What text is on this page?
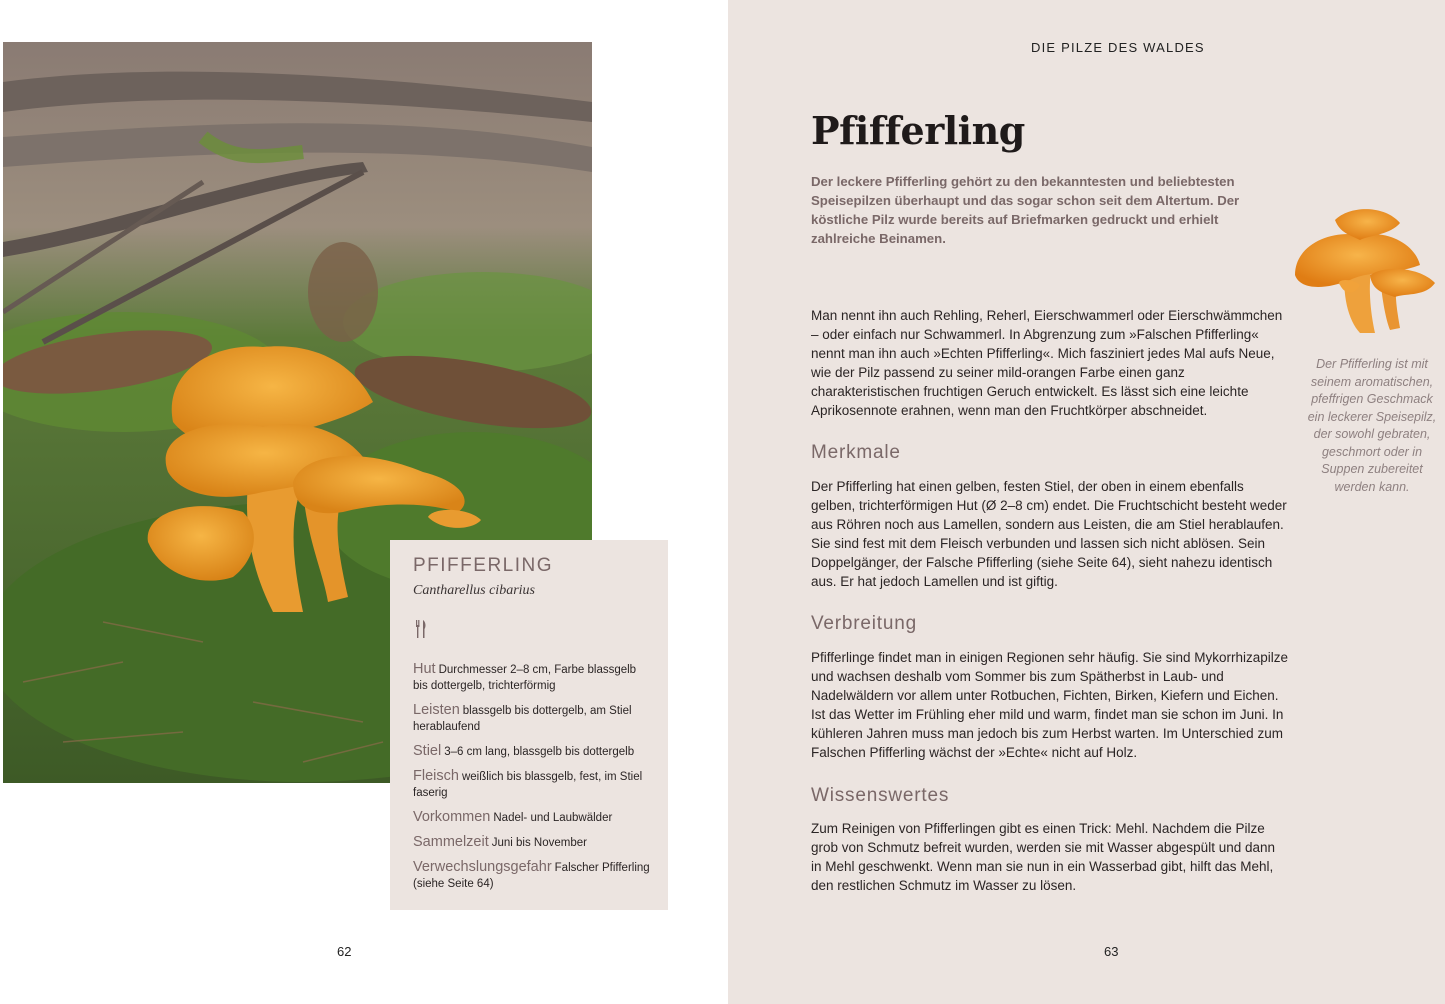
PFIFFERLING
Cantharellus cibarius
Hut Durchmesser 2–8 cm, Farbe blassgelb bis dottergelb, trichterförmig
Leisten blassgelb bis dottergelb, am Stiel herablaufend
Stiel 3–6 cm lang, blassgelb bis dottergelb
Fleisch weißlich bis blassgelb, fest, im Stiel faserig
Vorkommen Nadel- und Laubwälder
Sammelzeit Juni bis November
Verwechslungsgefahr Falscher Pfifferling (siehe Seite 64)
62
DIE PILZE DES WALDES
Pfifferling

Der leckere Pfifferling gehört zu den bekanntesten und beliebtesten Speisepilzen überhaupt und das sogar schon seit dem Altertum. Der köstliche Pilz wurde bereits auf Briefmarken gedruckt und erhielt zahlreiche Beinamen.

Man nennt ihn auch Rehling, Reherl, Eierschwammerl oder Eierschwämmchen – oder einfach nur Schwammerl. In Abgrenzung zum »Falschen Pfifferling« nennt man ihn auch »Echten Pfifferling«. Mich fasziniert jedes Mal aufs Neue, wie der Pilz passend zu seiner mild-orangen Farbe einen ganz charakteristischen fruchtigen Geruch entwickelt. Es lässt sich eine leichte Aprikosennote erahnen, wenn man den Fruchtkörper abschneidet.

Merkmale

Der Pfifferling hat einen gelben, festen Stiel, der oben in einem ebenfalls gelben, trichterförmigen Hut (Ø 2–8 cm) endet. Die Fruchtschicht besteht weder aus Röhren noch aus Lamellen, sondern aus Leisten, die am Stiel herablaufen. Sie sind fest mit dem Fleisch verbunden und lassen sich nicht ablösen. Sein Doppelgänger, der Falsche Pfifferling (siehe Seite 64), sieht nahezu identisch aus. Er hat jedoch Lamellen und ist giftig.

Verbreitung

Pfifferlinge findet man in einigen Regionen sehr häufig. Sie sind Mykorrhizapilze und wachsen deshalb vom Sommer bis zum Spätherbst in Laub- und Nadelwäldern vor allem unter Rotbuchen, Fichten, Birken, Kiefern und Eichen. Ist das Wetter im Frühling eher mild und warm, findet man sie schon im Juni. In kühleren Jahren muss man jedoch bis zum Herbst warten. Im Unterschied zum Falschen Pfifferling wächst der »Echte« nicht auf Holz.

Wissenswertes

Zum Reinigen von Pfifferlingen gibt es einen Trick: Mehl. Nachdem die Pilze grob von Schmutz befreit wurden, werden sie mit Wasser abgespült und dann in Mehl geschwenkt. Wenn man sie nun in ein Wasserbad gibt, hilft das Mehl, den restlichen Schmutz im Wasser zu lösen.

Der Pfifferling ist mit seinem aromatischen, pfeffrigen Geschmack ein leckerer Speisepilz, der sowohl gebraten, geschmort oder in Suppen zubereitet werden kann.

63
